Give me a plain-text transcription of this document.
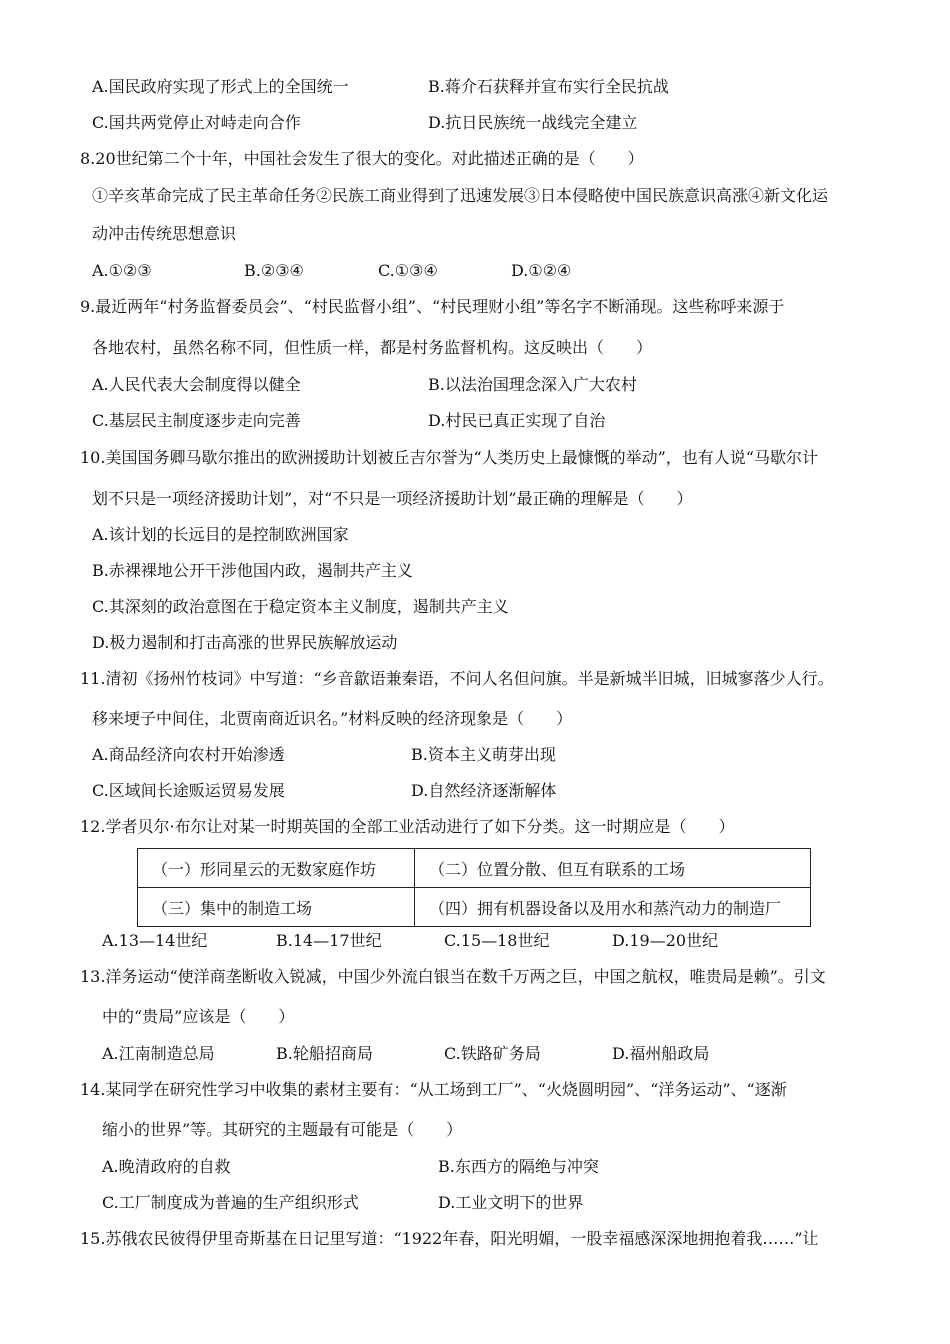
A.国民政府实现了形式上的全国统一	B.蒋介石获释并宣布实行全民抗战
C.国共两党停止对峙走向合作	D.抗日民族统一战线完全建立
8.20世纪第二个十年，中国社会发生了很大的变化。对此描述正确的是（　　）
①辛亥革命完成了民主革命任务②民族工商业得到了迅速发展③日本侵略使中国民族意识高涨④新文化运
动冲击传统思想意识
A.①②③	B.②③④	C.①③④	D.①②④
9.最近两年“村务监督委员会”、“村民监督小组”、“村民理财小组”等名字不断涌现。这些称呼来源于
各地农村，虽然名称不同，但性质一样，都是村务监督机构。这反映出（　　）
A.人民代表大会制度得以健全	B.以法治国理念深入广大农村
C.基层民主制度逐步走向完善	D.村民已真正实现了自治
10.美国国务卿马歇尔推出的欧洲援助计划被丘吉尔誉为“人类历史上最慷慨的举动”，也有人说“马歇尔计
划不只是一项经济援助计划”，对“不只是一项经济援助计划”最正确的理解是（　　）
A.该计划的长远目的是控制欧洲国家
B.赤裸裸地公开干涉他国内政，遏制共产主义
C.其深刻的政治意图在于稳定资本主义制度，遏制共产主义
D.极力遏制和打击高涨的世界民族解放运动
11.清初《扬州竹枝词》中写道：“乡音歙语兼秦语，不问人名但问旗。半是新城半旧城，旧城寥落少人行。
移来埂子中间住，北贾南商近识名。”材料反映的经济现象是（　　）
A.商品经济向农村开始渗透	B.资本主义萌芽出现
C.区域间长途贩运贸易发展	D.自然经济逐渐解体
12.学者贝尔·布尔让对某一时期英国的全部工业活动进行了如下分类。这一时期应是（　　）
（一）形同星云的无数家庭作坊	（二）位置分散、但互有联系的工场
（三）集中的制造工场	（四）拥有机器设备以及用水和蒸汽动力的制造厂
A.13—14世纪	B.14—17世纪	C.15—18世纪	D.19—20世纪
13.洋务运动“使洋商垄断收入锐减，中国少外流白银当在数千万两之巨，中国之航权，唯贵局是赖”。引文
中的“贵局”应该是（　　）
A.江南制造总局	B.轮船招商局	C.铁路矿务局	D.福州船政局
14.某同学在研究性学习中收集的素材主要有：“从工场到工厂”、“火烧圆明园”、“洋务运动”、“逐渐
缩小的世界”等。其研究的主题最有可能是（　　）
A.晚清政府的自救	B.东西方的隔绝与冲突
C.工厂制度成为普遍的生产组织形式	D.工业文明下的世界
15.苏俄农民彼得伊里奇斯基在日记里写道：“1922年春，阳光明媚，一股幸福感深深地拥抱着我……”让
